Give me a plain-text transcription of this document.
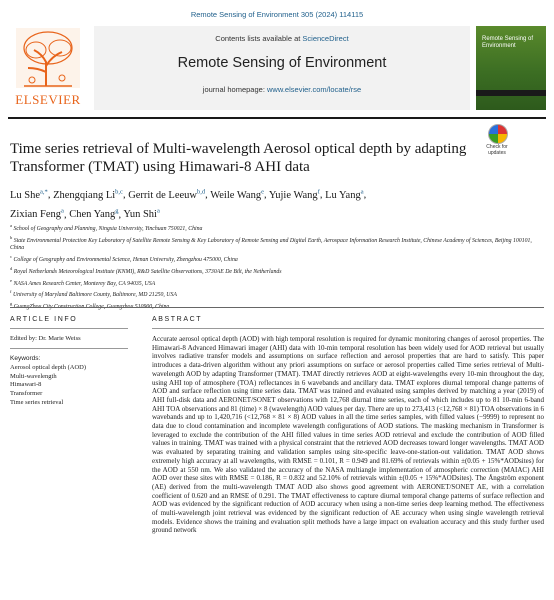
Remote Sensing of Environment 305 (2024) 114115
ELSEVIER
Contents lists available at ScienceDirect
Remote Sensing of Environment
journal homepage: www.elsevier.com/locate/rse
Remote Sensing of Environment
Check for updates
Time series retrieval of Multi-wavelength Aerosol optical depth by adapting Transformer (TMAT) using Himawari-8 AHI data
Lu She$^{a,*}$, Zhengqiang Li$^{b,c}$, Gerrit de Leeuw$^{b,d}$, Weile Wang$^e$, Yujie Wang$^f$, Lu Yang$^a$,
Zixian Feng$^a$, Chen Yang$^g$, Yun Shi$^a$
$^a$ School of Geography and Planning, Ningxia University, Yinchuan 750021, China
$^b$ State Environmental Protection Key Laboratory of Satellite Remote Sensing & Key Laboratory of Remote Sensing and Digital Earth, Aerospace Information Research Institute, Chinese Academy of Sciences, Beijing 100101, China
$^c$ College of Geography and Environmental Science, Henan University, Zhengzhou 475000, China
$^d$ Royal Netherlands Meteorological Institute (KNMI), R&D Satellite Observations, 3730AE De Bilt, the Netherlands
$^e$ NASA Ames Research Center, Monterey Bay, CA 94035, USA
$^f$ University of Maryland Baltimore County, Baltimore, MD 21250, USA
$^g$
ARTICLE INFO	ABSTRACT
Edited by: Dr. Marie Weiss
Keywords:
Aerosol optical depth (AOD)
Multi-wavelength
Himawari-8
Transformer
Time series retrieval

Accurate aerosol optical depth (AOD) with high temporal resolution is required for dynamic monitoring changes of aerosol properties. The Himawari-8 Advanced Himawari imager (AHI) data with 10-min temporal resolution has been widely used for AOD retrieval but usually involves radiative transfer models and assumptions on surface reflection and aerosol properties that are hard to satisfy. This paper introduces a data-driven algorithm without any priori assumptions on surface or aerosol properties called Time series retrieval of Multi-wavelength AOD by adapting Transformer (TMAT). TMAT directly retrieves AOD at eight-wavelengths every 10-min throughout the day, using AHI top of atmosphere (TOA) reflectances in 6 wavebands and ancillary data. TMAT explores diurnal temporal change patterns of AOD and surface reflection using time series data. TMAT was trained and evaluated using samples derived by matching a year (2019) of AHI full-disk data and AERONET/SONET observations with 12,768 diurnal time series, each of which includes up to 81 10-min 6-band AHI TOA observations and 81 (time) × 8 (wavelength) AOD values per day. There are up to 273,413 (<12,768 × 81) TOA observations in 6 wavebands and up to 1,420,716 (<12,768 × 81 × 8) AOD values in all the time series samples, with filled values (−9999) to represent no data due to cloud contamination and incomplete wavelength configurations of AOD stations. The masking mechanism in Transformer is leveraged to exclude the contribution of the AHI filled values in time series AOD retrieval and exclude the contribution of AOD filled values in training. TMAT was trained with a physical constraint that the retrieved AOD decreases toward longer wavelengths. TMAT AOD was evaluated by separating training and validation samples using site-specific leave-one-station-out validation. TMAT AOD shows extremely high accuracy at all wavelengths, with RMSE = 0.101, R = 0.949 and 81.69% of retrievals within ±(0.05 + 15%*AODsites) for the AOD at 550 nm. We also validated the accuracy of the NASA multiangle implementation of atmospheric correction (MAIAC) AHI AOD over these sites with RMSE = 0.186, R = 0.832 and 52.10% of retrievals within ±(0.05 + 15%*AODsites). The Ångström exponent (AE) derived from the multi-wavelength TMAT AOD also shows good agreement with AERONET/SONET AE, with a correlation coefficient of 0.620 and an RMSE of 0.291. The TMAT effectiveness to capture diurnal temporal change patterns of surface reflection and AOD was evidenced by the significant reduction of AOD accuracy when using a non-time series deep learning method. The effectiveness of multi-wavelength joint retrieval was evidenced by the significant reduction of AE accuracy when using single wavelength retrieval models. Evidence shows the training and evaluation split methods have a large impact on evaluation accuracy and this study further used ground network
